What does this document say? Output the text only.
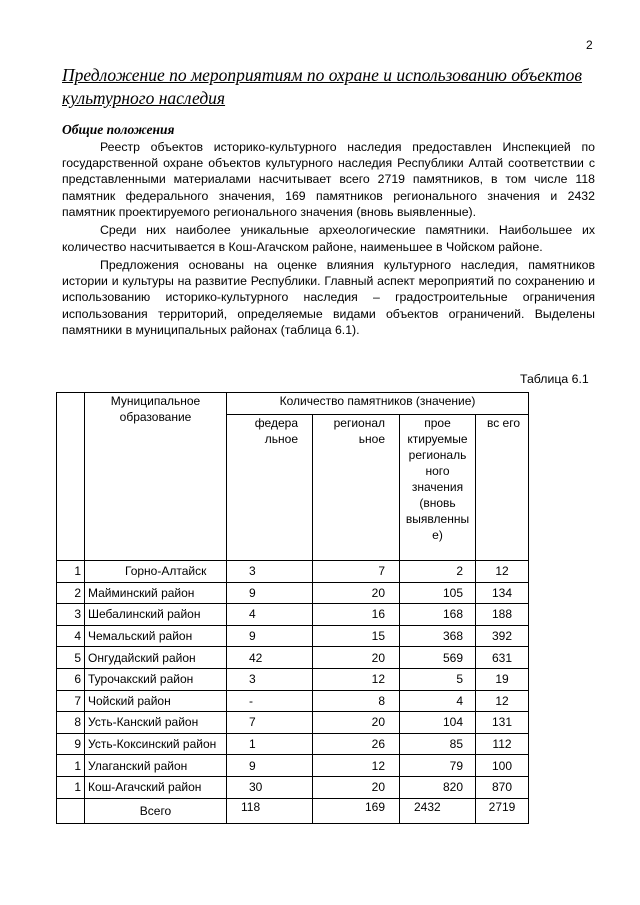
2
Предложение по мероприятиям по охране и использованию объектов культурного наследия
Общие положения

Реестр объектов историко-культурного наследия предоставлен Инспекцией по государственной охране объектов культурного наследия Республики Алтай соответствии с представленными материалами насчитывает всего 2719 памятников, в том числе 118 памятник федерального значения, 169 памятников регионального значения и 2432 памятник проектируемого регионального значения (вновь выявленные).

Среди них наиболее уникальные археологические памятники. Наибольшее их количество насчитывается в Кош-Агачском районе, наименьшее в Чойском районе.

Предложения основаны на оценке влияния культурного наследия, памятников истории и культуры на развитие Республики. Главный аспект мероприятий по сохранению и использованию историко-культурного наследия – градостроительные ограничения использования территорий, определяемые видами объектов ограничений. Выделены памятники в муниципальных районах (таблица 6.1).

Таблица 6.1
	Муниципальное образование	Количество памятников (значение)			
		федера льное	регионал ьное	прое ктируемые региональ ного значения (вновь выявленны е)	вс его
1	Горно-Алтайск	3	7	2	12
2	Майминский район	9	20	105	134
3	Шебалинский район	4	16	168	188
4	Чемальский район	9	15	368	392
5	Онгудайский район	42	20	569	631
6	Турочакский район	3	12	5	19
7	Чойский район	-	8	4	12
8	Усть-Канский район	7	20	104	131
9	Усть-Коксинский район	1	26	85	112
1	Улаганский район	9	12	79	100
1	Кош-Агачский район	30	20	820	870
	Всего	118	169	2432	2719
